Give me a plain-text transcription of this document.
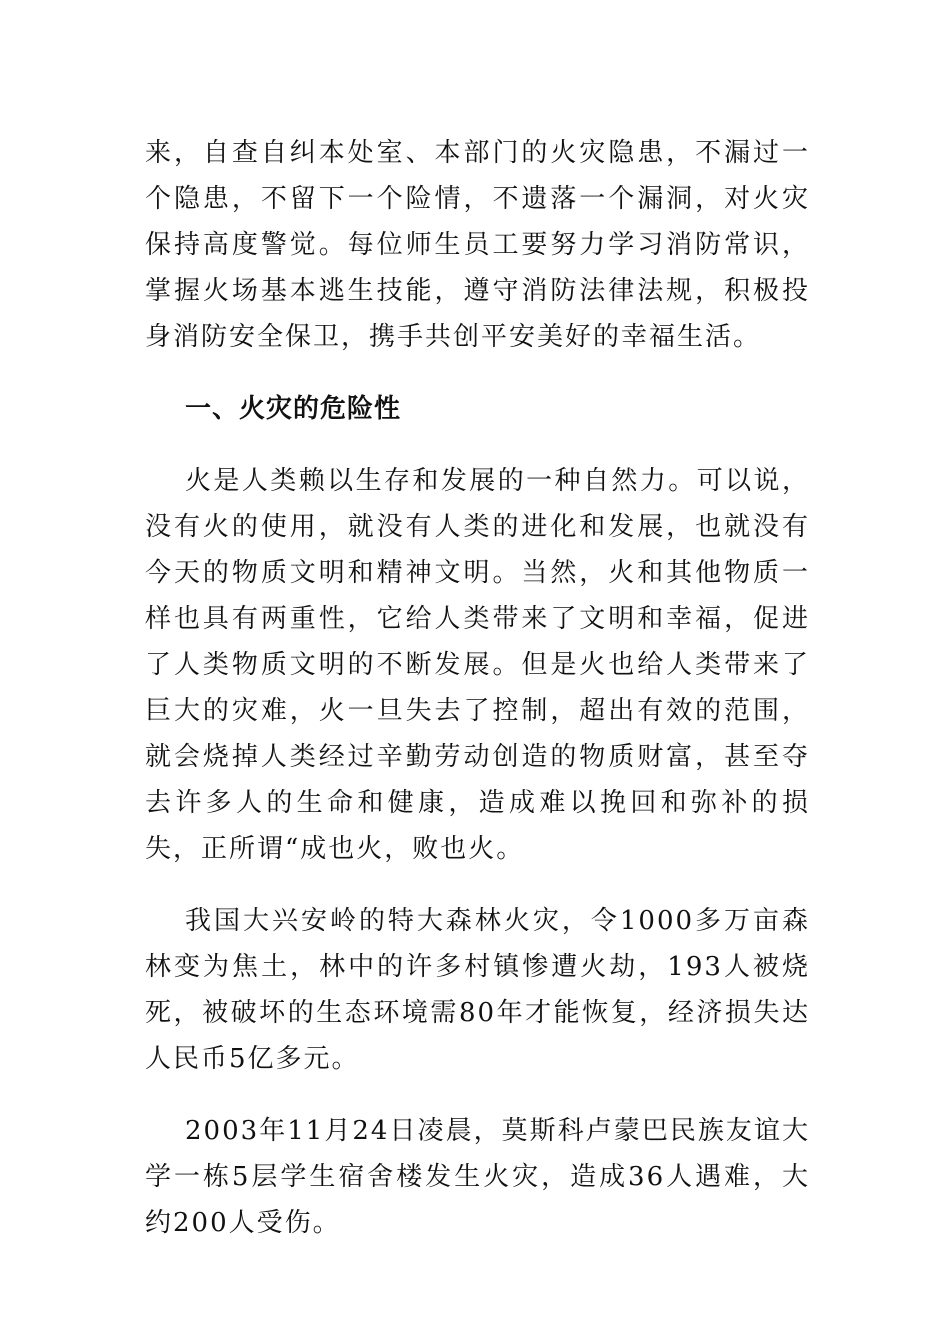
来，自查自纠本处室、本部门的火灾隐患，不漏过一个隐患，不留下一个险情，不遗落一个漏洞，对火灾保持高度警觉。每位师生员工要努力学习消防常识，掌握火场基本逃生技能，遵守消防法律法规，积极投身消防安全保卫，携手共创平安美好的幸福生活。

一、火灾的危险性

火是人类赖以生存和发展的一种自然力。可以说，没有火的使用，就没有人类的进化和发展，也就没有今天的物质文明和精神文明。当然，火和其他物质一样也具有两重性，它给人类带来了文明和幸福，促进了人类物质文明的不断发展。但是火也给人类带来了巨大的灾难，火一旦失去了控制，超出有效的范围，就会烧掉人类经过辛勤劳动创造的物质财富，甚至夺去许多人的生命和健康，造成难以挽回和弥补的损失，正所谓“成也火，败也火。

我国大兴安岭的特大森林火灾，令1000多万亩森林变为焦土，林中的许多村镇惨遭火劫，193人被烧死，被破坏的生态环境需80年才能恢复，经济损失达人民币5亿多元。

2003年11月24日凌晨，莫斯科卢蒙巴民族友谊大学一栋5层学生宿舍楼发生火灾，造成36人遇难，大约200人受伤。
